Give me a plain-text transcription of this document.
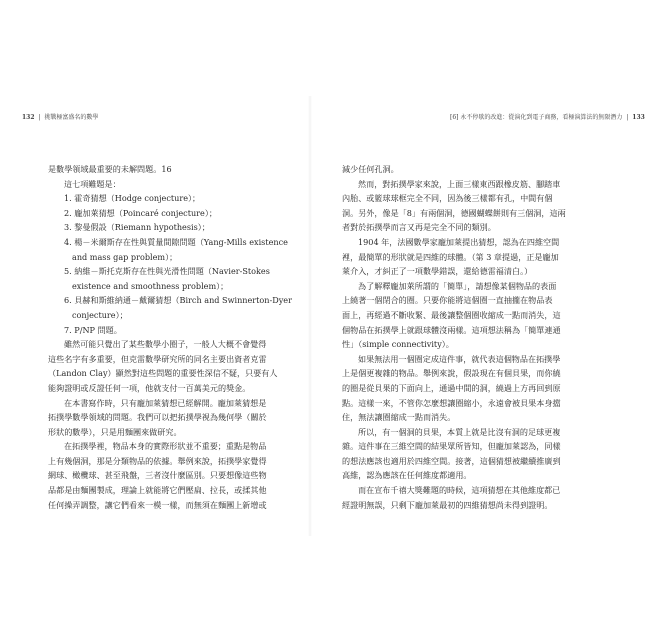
132 | 挑戰極富盛名的數學
是數學領域最重要的未解問題。16
這七項難題是：
1. 霍奇猜想（Hodge conjecture）；
2. 龐加萊猜想（Poincaré conjecture）；
3. 黎曼假設（Riemann hypothesis）；
4. 楊－米爾斯存在性與質量間隙問題（Yang-Mills existence
and mass gap problem）；
5. 納維－斯托克斯存在性與光滑性問題（Navier-Stokes
existence and smoothness problem）；
6. 貝赫和斯維納通－戴爾猜想（Birch and Swinnerton-Dyer
conjecture）；
7. P/NP 問題。
雖然可能只覺出了某些數學小圈子，一般人大概不會覺得
這些名字有多重要，但克雷數學研究所的同名主要出資者克雷
（Landon Clay）顯然對這些問題的重要性深信不疑，只要有人
能夠證明或反證任何一項，他就支付一百萬美元的獎金。
在本書寫作時，只有龐加萊猜想已經解開。龐加萊猜想是
拓撲學數學領域的問題。我們可以把拓撲學視為幾何學（關於
形狀的數學），只是用麵團來做研究。
在拓撲學裡，物品本身的實際形狀並不重要；重點是物品
上有幾個洞，那是分類物品的依據。舉例來說，拓撲學家覺得
網球、橄欖球、甚至飛盤，三者沒什麼區別。只要想像這些物
品都是由麵團製成，理論上就能將它們壓扁、拉長，或揉其他
任何操弄調整，讓它們看來一模一樣，而無須在麵團上新增或
[6] 永不停歇的改進：從演化到電子商務，看極演算法的無限潛力 | 133
減少任何孔洞。
然而，對拓撲學家來說，上面三樣東西跟橡皮筋、腳踏車
內胎、或籃球球框完全不同，因為後三樣都有孔，中間有個
洞。另外，像是「8」有兩個洞，德國蝴蝶餅則有三個洞，這兩
者對於拓撲學而言又再是完全不同的類別。
1904 年，法國數學家龐加萊提出猜想，認為在四維空間
裡，最簡單的形狀就是四維的球體。（第 3 章提過，正是龐加
萊介入，才糾正了一項數學錯誤，還給德雷福清白。）
為了解釋龐加萊所謂的「簡單」，請想像某個物品的表面
上繞著一個閉合的圈。只要你能將這個圈一直抽攏在物品表
面上，再經過不斷收緊、最後讓整個圈收縮成一點而消失，這
個物品在拓撲學上就跟球體沒兩樣。這項想法稱為「簡單連通
性」（simple connectivity）。
如果無法用一個圈定成這件事，就代表這個物品在拓撲學
上是個更複雜的物品。舉例來說，假設現在有個貝果，而你繞
的圈是從貝果的下面向上，通過中間的洞，繞過上方再回到原
點。這樣一來，不管你怎麼想讓圈縮小，永遠會被貝果本身擋
住，無法讓圈縮成一點而消失。
所以，有一個洞的貝果，本質上就是比沒有洞的足球更複
雜。這件事在三維空間的結果眾所皆知，但龐加萊認為，同樣
的想法應該也適用於四維空間。接著，這個猜想被繼續推廣到
高維，認為應該在任何維度都適用。
而在宣布千禧大獎難題的時候，這項猜想在其他維度都已
經證明無誤，只剩下龐加萊最初的四維猜想尚未得到證明。
